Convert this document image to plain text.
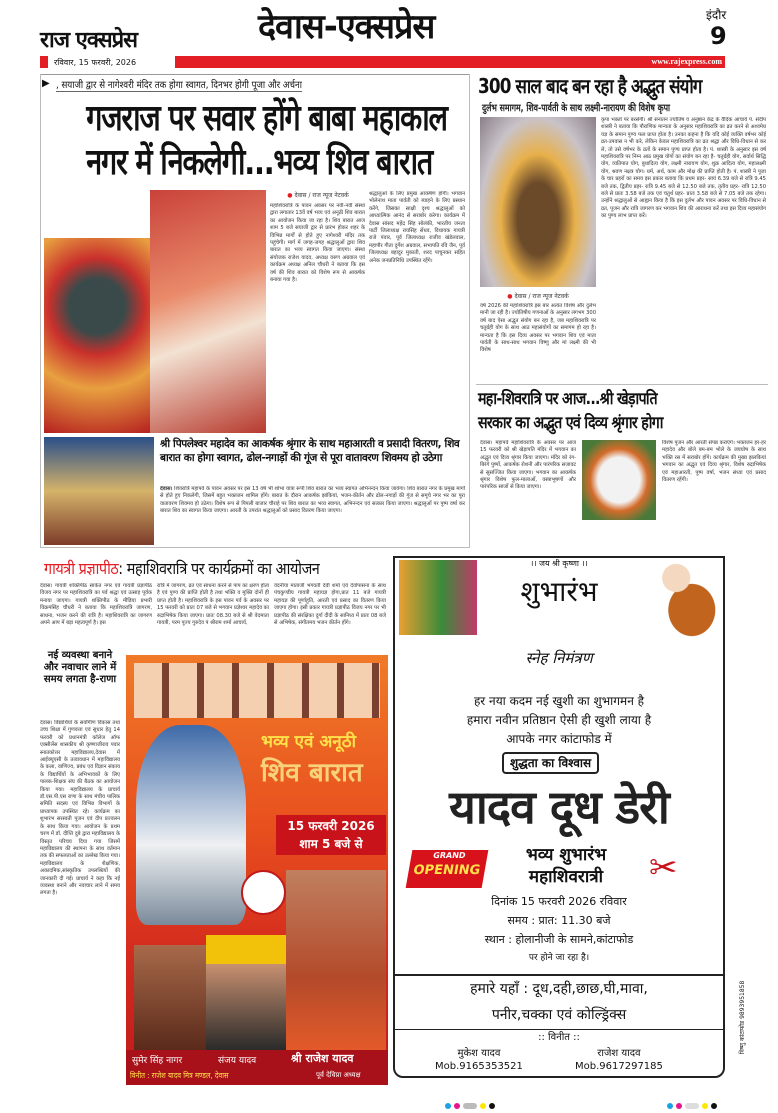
राज एक्सप्रेस	देवास-एक्सप्रेस	इंदौर
9
रविवार, 15 फरवरी, 2026	www.rajexpress.com
▶ , सयाजी द्वार से नागेश्वरी मंदिर तक होगा स्वागत, दिनभर होगी पूजा और अर्चना
गजराज पर सवार होंगे बाबा महाकाल
नगर में निकलेगी...भव्य शिव बारात
● देवास / राज न्यूज नेटवर्क
महाशिवरात्रि के पावन अवसर पर नवी-नवी संस्था द्वारा लगातार 13वें वर्ष भव्य एवं अनूठी शिव बारात का आयोजन किया जा रहा है। शिव बारात आज शाम 5 बजे सयाजी द्वार से प्रारंभ होकर शहर के विभिन्न मार्गों से होते हुए नागेश्वरी मंदिर तक पहुंचेगी। मार्ग में जगह-जगह श्रद्धालुओं द्वारा शिव बारात का भव्य स्वागत किया जाएगा। संस्था संयोजक राजेश यादव, अध्यक्ष वरुण अग्रवाल एवं कार्यक्रम अध्यक्ष अनिल चौधरी ने बताया कि इस वर्ष की शिव बारात को विशेष रूप से आकर्षक बनाया गया है।
श्रद्धालुओं के लिए प्रमुख आकर्षण होंगी। भगवान भोलेनाथ माता पार्वती को ब्याहने के लिए प्रस्थान करेंगे, जिसका साक्षी दृश्य श्रद्धालुओं को आध्यात्मिक आनंद से सराबोर करेगा। कार्यक्रम में देवास सांसद महेंद्र सिंह सोलंकी, भारतीय जनता पार्टी जिलाध्यक्ष रायसिंह सेंधव, विधायक गायत्री राजे पंवार, पूर्व जिलाध्यक्ष राजीव खंडेलवाल, महापौर गीता दुर्गेश अग्रवाल, सभापति रवि जैन, पूर्व जिलाध्यक्ष बहादुर मुकाती, शरद पाचुनकर सहित अनेक जनप्रतिनिधि उपस्थित रहेंगे।
श्री पिपलेश्वर महादेव का आकर्षक श्रृंगार के साथ महाआरती व प्रसादी वितरण, शिव बारात का होगा स्वागत, ढोल-नगाड़ों की गूंज से पूरा वातावरण शिवमय हो उठेगा
देवास। शिवरात्रि महापर्व के पावन अवसर पर इस 13 वर्ष भी शोभा यात्रा रूपी शिव बारात का भव्य स्वागत अभिनन्दन किया जायेगा। शिव बारात नगर के प्रमुख मार्गों से होते हुए निकलेगी, जिसमें बहुत भक्तजन शामिल होंगे। बारात के दौरान आकर्षक झांकियां, भजन-कीर्तन और ढोल-नगाड़ों की गूंज से समूचे नगर भर का पूरा वातावरण शिवमय हो उठेगा। विशेष रूप से पिपली बाजार चौराहे पर शिव बारात का भव्य स्वागत, अभिनन्दन एवं सत्कार किया जाएगा। श्रद्धालुओं पर पुष्प वर्षा कर बारात शिव का स्वागत किया जाएगा। आरती के उपरांत श्रद्धालुओं को प्रसाद वितरण किया जाएगा।
300 साल बाद बन रहा है अद्भुत संयोग
दुर्लभ समागम, शिव-पार्वती के साथ लक्ष्मी-नारायण की विशेष कृपा
● देवास / राज न्यूज नेटवर्क
वर्ष 2026 की महाशिवरात्रि इस बार अत्यंत विशेष और दुर्लभ मानी जा रही है। ज्योतिषीय गणनाओं के अनुसार लगभग 300 वर्ष बाद ऐसा अद्भुत संयोग बन रहा है, जब महाशिवरात्रि पर चतुर्ग्रही योग के साथ आठ महासंयोगों का समागम हो रहा है। मान्यता है कि इस दिव्य अवसर पर भगवान शिव एवं माता पार्वती के साथ-साथ भगवान विष्णु और मां लक्ष्मी की भी विशेष
कृपा भक्तों पर बरसेगी। श्री सनातन ज्योतिष व अनुष्ठान केंद्र के वैदिक आचार्य पं. संदीप शास्त्री ने बताया कि पौराणिक मान्यता के अनुसार महाशिवरात्रि का व्रत करने से अश्वमेध यज्ञ के समान पुण्य फल प्राप्त होता है। उनका कहना है कि यदि कोई व्यक्ति वर्षभर कोई व्रत-उपवास न भी करे, लेकिन केवल महाशिवरात्रि का व्रत श्रद्धा और विधि-विधान से कर ले, तो उसे वर्षभर के व्रतों के समान पुण्य प्राप्त होता है। पं. शास्त्री के अनुसार इस वर्ष महाशिवरात्रि पर निम्न आठ प्रमुख योगों का संयोग बन रहा है- चतुर्ग्रही योग, सर्वार्थ सिद्धि योग, व्यतिपात योग, बुधादित्य योग, लक्ष्मी नारायण योग, शुक्र आदित्य योग, महालक्ष्मी योग, श्रवण नक्षत्र योग। धर्म, अर्थ, काम और मोक्ष की प्राप्ति होती है। पं. शास्त्री ने पूजा के चार प्रहरों का समय इस प्रकार बताया कि प्रथम प्रहर- सायं 6.39 बजे से रात्रि 9.45 बजे तक, द्वितीय प्रहर- रात्रि 9.45 बजे से 12.50 बजे तक, तृतीय प्रहर- रात्रि 12.50 बजे से प्रातः 3.58 बजे तक एवं चतुर्थ प्रहर- प्रातः 3.58 बजे से 7.05 बजे तक रहेगा। उन्होंने श्रद्धालुओं से आह्वान किया है कि इस दुर्लभ और पावन अवसर पर विधि-विधान से व्रत, पूजन और रात्रि जागरण कर भगवान शिव की आराधना करें तथा इस दिव्य महासंयोग का पुण्य लाभ प्राप्त करें।
महा-शिवरात्रि पर आज...श्री खेड़ापति
सरकार का अद्भुत एवं दिव्य श्रृंगार होगा
देवास। महापर्व महाशिवरात्रि के अवसर पर आज 15 फरवरी को श्री खेड़ापति मंदिर में भगवान का अद्भुत एवं दिव्य श्रृंगार किया जाएगा। मंदिर को रंग-बिरंगे पुष्पों, आकर्षक रोशनी और पारंपरिक सजावट से सुसज्जित किया जाएगा। भगवान का आकर्षक श्रृंगार विशेष फूल-मालाओं, वस्त्राभूषणों और पारंपरिक साजों से किया जाएगा।
विशेष पूजन और आरती संपन्न कराएंगे। भक्तजन हर-हर महादेव और बोले बम-बम भोले के जयघोष के साथ भक्ति रस में सराबोर होंगे। कार्यक्रम की मुख्य झलकियां भगवान का अद्भुत एवं दिव्य श्रृंगार, विशेष रुद्राभिषेक एवं महाआरती, पुष्प वर्षा, भजन संध्या एवं प्रसाद वितरण रहेंगी।
गायत्री प्रज्ञापीठ: महाशिवरात्रि पर कार्यक्रमों का आयोजन
देवास। गायत्री शक्तिपीठ साकेत नगर एवं गायत्री प्रज्ञापीठ विजय नगर पर महाशिवरात्रि का पर्व श्रद्धा एवं उत्साह पूर्वक मनाया जाएगा। गायत्री शक्तिपीठ के मीडिया प्रभारी विक्रमसिंह चौधरी ने बताया कि महाशिवरात्रि जागरण, साधना, भजन करने की रात्रि है। महाशिवरात्रि का जागरण अपने आप में बड़ा महत्वपूर्ण है। इस
रात्रि में जागरण, व्रत एवं साधना करने से पाप का क्षरण होता है एवं पुण्य की प्राप्ति होती है तथा भक्ति व मुक्ति दोनों ही प्राप्त होती है। महाशिवरात्रि के इस पावन पर्व के अवसर पर 15 फरवरी को प्रातः 07 बजे से भगवान प्रज्ञेश्वर महादेव का रुद्राभिषेक किया जाएगा। प्रातः 08.30 बजे से श्री वेदमाता गायत्री, परम पूज्य गुरुदेव पं श्रीराम शर्मा आचार्य,
वंदनीया माताजी भगवती देवी शर्मा एवं देवोपासना के साथ पंचकुण्डीय गायत्री महायज्ञ होगा,प्रात 11 बजे गायत्री महायज्ञ की पूर्णाहुति, आरती एवं प्रसाद का वितरण किया जाएगा होगा। इसी प्रकार गायत्री प्रज्ञापीठ विजय नगर पर भी प्रज्ञापीठ की संरक्षिका दुर्गा दीदी के सानिध्य में प्रातः 08 बजे से अभिषेक, संगीतमय भजन कीर्तन होंगे।
नई व्यवस्था बनाने और नवाचार लाने में समय लगता है-राणा
देवास। विद्यार्थियों के सर्वांगीण विकास तथा उच्च शिक्षा में गुणवत्ता एवं सुधार हेतु 14 फरवरी को प्रधानमंत्री कॉलेज ऑफ एक्सीलेंस शासकीय श्री कृष्णाजीराव पवार स्नातकोत्तर महाविद्यालय,देवास में आईक्यूएसी के तत्वावधान में महाविद्यालय के कला, वाणिज्य, प्रबंध एवं विज्ञान संकाय के विद्यार्थियों के अभिभावकों के लिए पालक-शिक्षक संघ की बैठक का आयोजन किया गया। महाविद्यालय के प्राचार्य डॉ.एस.पी.एस राणा के साथ मंचीय पालिक समिति सदस्य एवं विभिन्न विभागों के प्राध्यापक उपस्थित रहे। कार्यक्रम का शुभारंभ सरस्वती पूजन एवं दीप प्रज्वलन के साथ किया गया। आयोजन के प्रथम चरण में डॉ. दीप्ति दुबे द्वारा महाविद्यालय के विस्तृत परिचय दिया गया जिसमें महाविद्यालय की स्थापना के साथ वर्तमान तक की सफलताओं का उल्लेख किया गया। महाविद्यालय के शैक्षणिक, अकादमिक,सांस्कृतिक उपलब्धियों की जानकारी दी गई। प्राचार्य ने कहा कि नई व्यवस्था बनाने और नवाचार लाने में समय लगता है।
भव्य एवं अनूठी
शिव बारात
15 फरवरी 2026
शाम 5 बजे से
सुमेर सिंह नागर	संजय यादव	श्री राजेश यादव
विनीत : राजेश यादव मित्र मण्डल, देवास	पूर्व देविप्रा अध्यक्ष
।। जय श्री कृष्णा ।।
शुभारंभ
स्नेह निमंत्रण
हर नया कदम नई खुशी का शुभागमन है
हमारा नवीन प्रतिष्ठान ऐसी ही खुशी लाया है
आपके नगर कांटाफोड में
शुद्धता का विश्वास
यादव दूध डेरी
GRAND
OPENING
भव्य शुभारंभ
महाशिवरात्री	✂
दिनांक 15 फरवरी 2026 रविवार
समय : प्रात: 11.30 बजे
स्थान : होलानीजी के सामने,कांटाफोड
पर होने जा रहा है।
हमारे यहाँ : दूध,दही,छाछ,घी,मावा,
पनीर,चक्का एवं कोल्ड्रिंक्स
:: विनीत ::
मुकेश यादव
Mob.9165353521
राजेश यादव
Mob.9617297185
विष्णु कांटाफोड 9893951858
